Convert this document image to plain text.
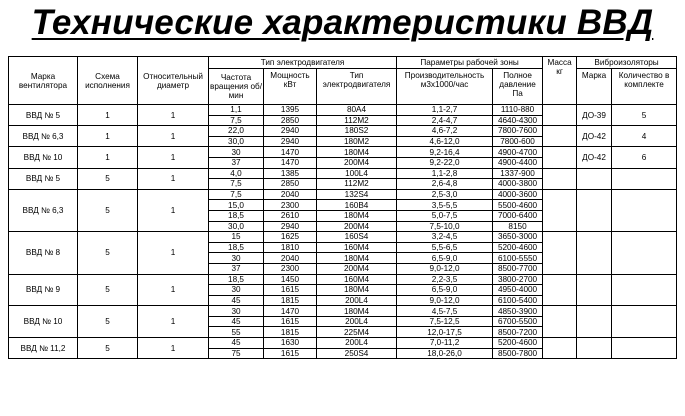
Технические характеристики ВВД
Марка вентилятора	Схема исполнения	Относительный диаметр	Тип электродвигателя			Параметры рабочей зоны		Масса кг	Виброизоляторы	
			Частота вращения об/мин	Мощность кВт	Тип электродвигателя	Производительность м3х1000/час	Полное давление Па		Марка	Количество в комплекте
ВВД № 5	1	1	1,1	1395	80А4	1,1-2,7	1110-880		ДО-39	5
			7,5	2850	112М2	2,4-4,7	4640-4300			
ВВД № 6,3	1	1	22,0	2940	180S2	4,6-7,2	7800-7600		ДО-42	4
			30,0	2940	180М2	4,6-12,0	7800-600			
ВВД № 10	1	1	30	1470	180М4	9,2-16,4	4900-4700		ДО-42	6
			37	1470	200М4	9,2-22,0	4900-4400			
ВВД № 5	5	1	4,0	1385	100L4	1,1-2,8	1337-900			
			7,5	2850	112М2	2,6-4,8	4000-3800			
ВВД № 6,3	5	1	7,5	2040	132S4	2,5-3,0	4000-3600			
			15,0	2300	160В4	3,5-5,5	5500-4600			
			18,5	2610	180М4	5,0-7,5	7000-6400			
			30,0	2940	200М4	7,5-10,0	8150			
ВВД № 8	5	1	15	1625	160S4	3,2-4,5	3650-3000			
			18,5	1810	160М4	5,5-6,5	5200-4600			
			30	2040	180М4	6,5-9,0	6100-5550			
			37	2300	200М4	9,0-12,0	8500-7700			
ВВД № 9	5	1	18,5	1450	160М4	2,2-3,5	3800-2700			
			30	1615	180М4	6,5-9,0	4950-4000			
			45	1815	200L4	9,0-12,0	6100-5400			
ВВД № 10	5	1	30	1470	180М4	4,5-7,5	4850-3900			
			45	1615	200L4	7,5-12,5	6700-5500			
			55	1815	225М4	12,0-17,5	8500-7200			
ВВД № 11,2	5	1	45	1630	200L4	7,0-11,2	5200-4600			
			75	1615	250S4	18,0-26,0	8500-7800			
